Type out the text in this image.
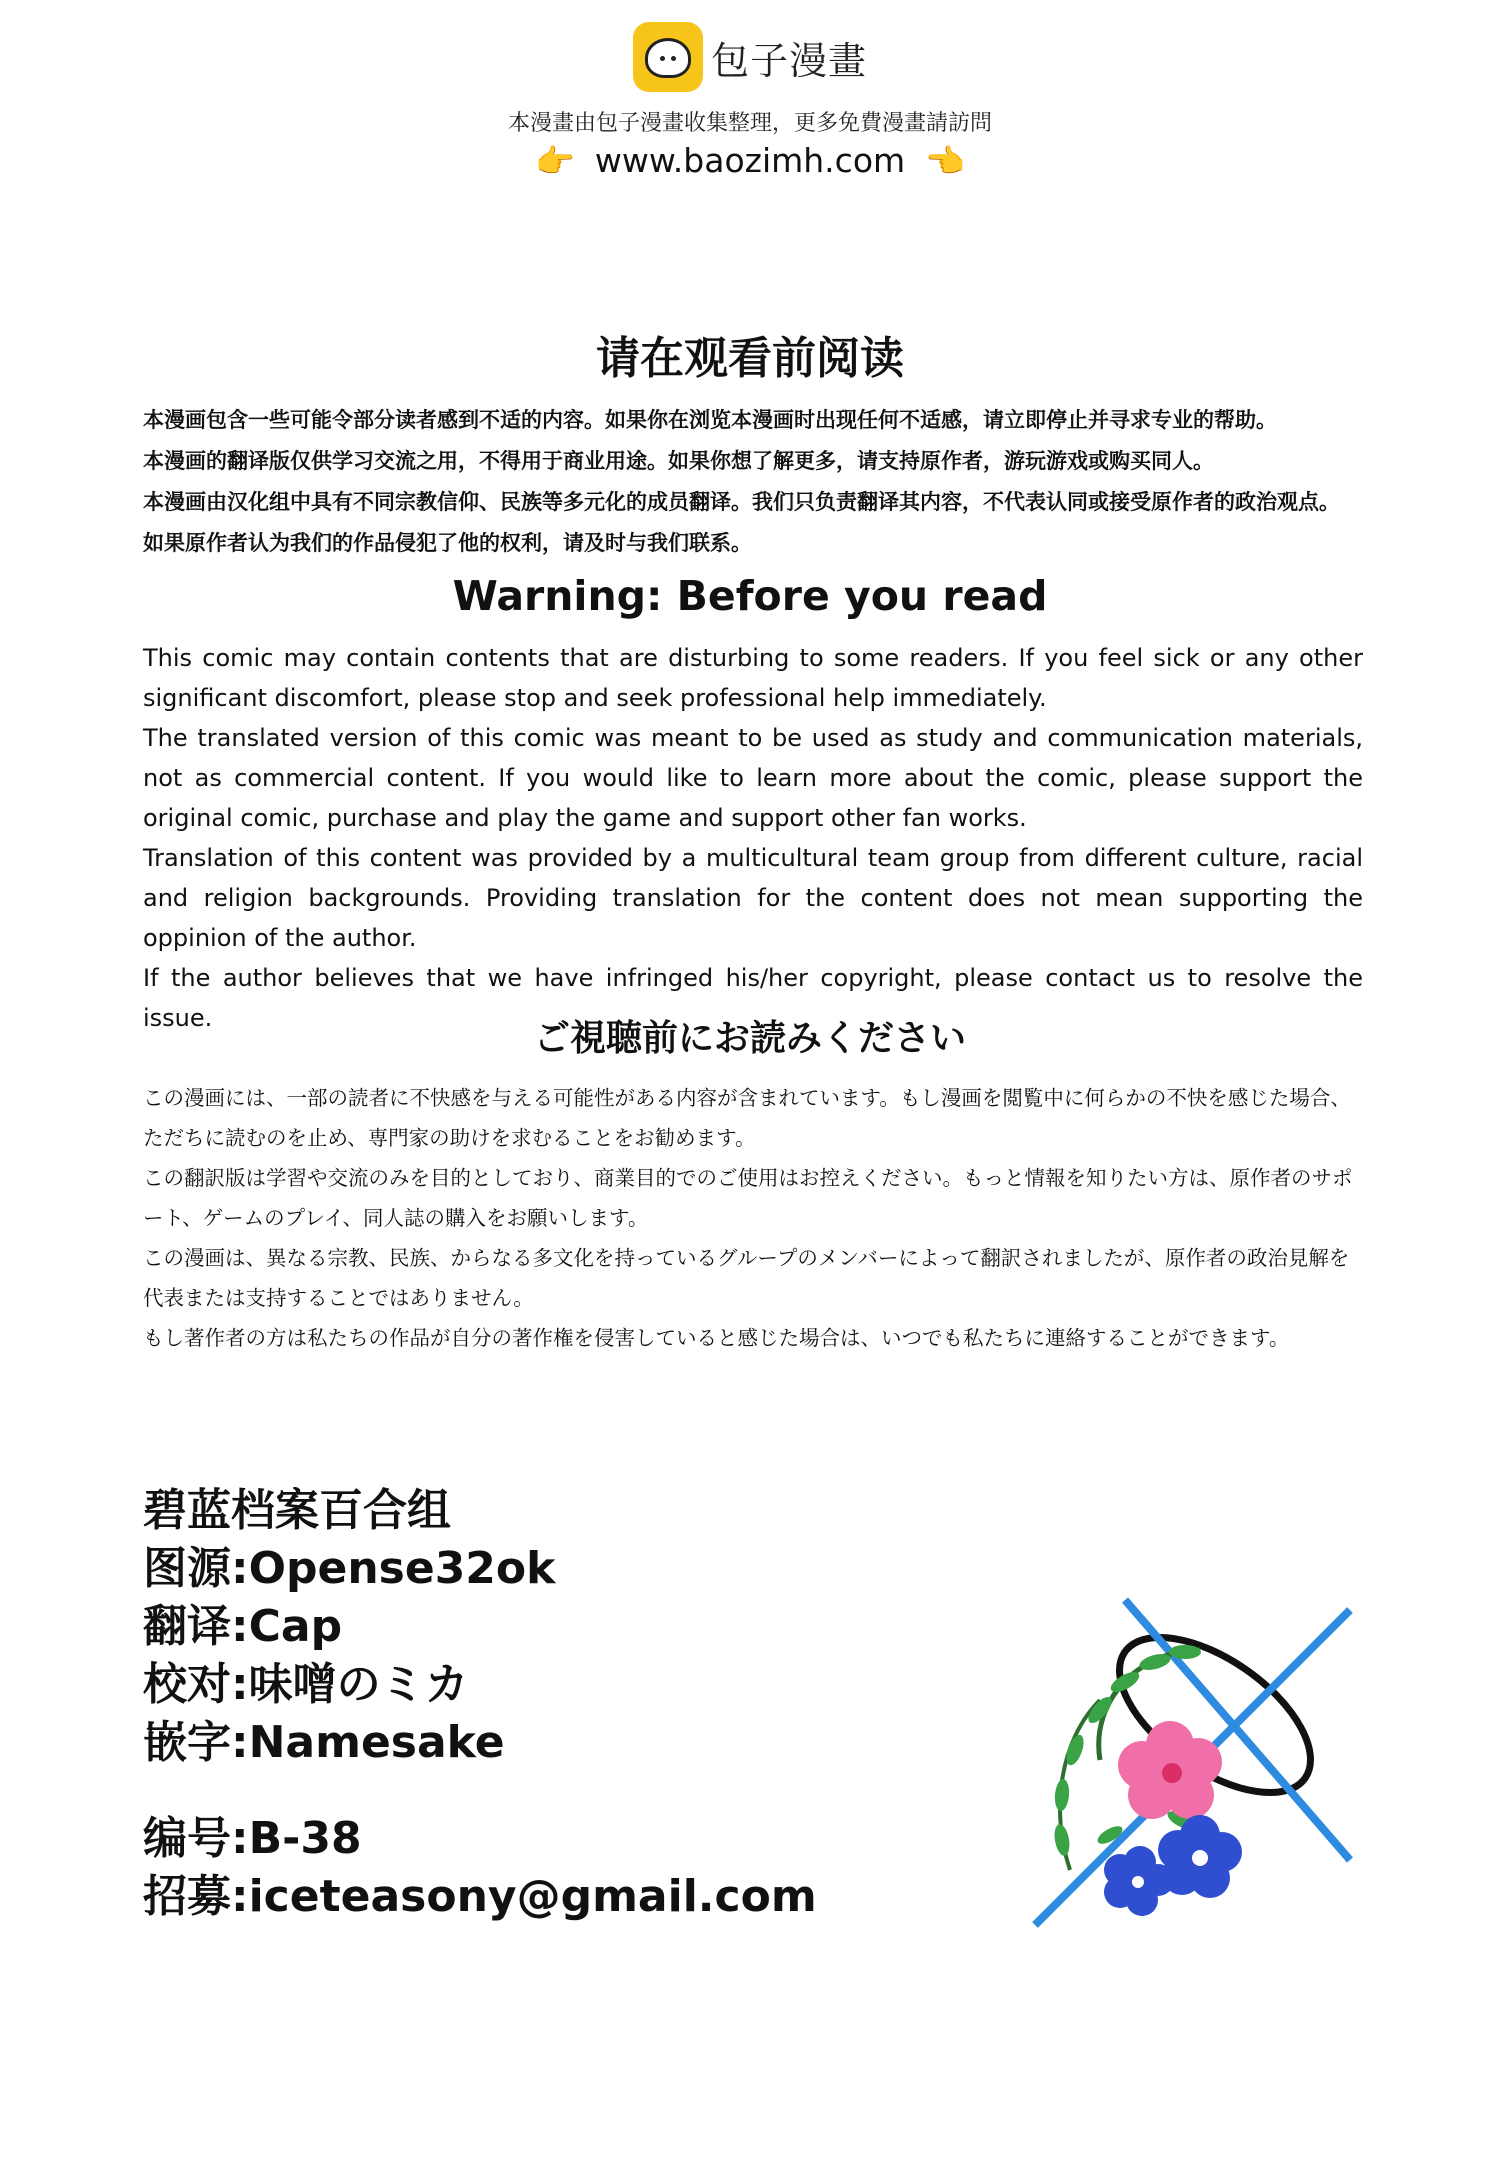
包子漫畫
本漫畫由包子漫畫收集整理，更多免費漫畫請訪問
👉 www.baozimh.com 👈
请在观看前阅读

本漫画包含一些可能令部分读者感到不适的内容。如果你在浏览本漫画时出现任何不适感，请立即停止并寻求专业的帮助。

本漫画的翻译版仅供学习交流之用，不得用于商业用途。如果你想了解更多，请支持原作者，游玩游戏或购买同人。

本漫画由汉化组中具有不同宗教信仰、民族等多元化的成员翻译。我们只负责翻译其内容，不代表认同或接受原作者的政治观点。

如果原作者认为我们的作品侵犯了他的权利，请及时与我们联系。

Warning: Before you read

This comic may contain contents that are disturbing to some readers. If you feel sick or any other significant discomfort, please stop and seek professional help immediately.

The translated version of this comic was meant to be used as study and communication materials, not as commercial content. If you would like to learn more about the comic, please support the original comic, purchase and play the game and support other fan works.

Translation of this content was provided by a multicultural team group from different culture, racial and religion backgrounds. Providing translation for the content does not mean supporting the oppinion of the author.

If the author believes that we have infringed his/her copyright, please contact us to resolve the issue.	ご視聴前にお読みください

この漫画には、一部の読者に不快感を与える可能性がある内容が含まれています。もし漫画を閲覧中に何らかの不快を感じた場合、ただちに読むのを止め、専門家の助けを求むることをお勧めます。

この翻訳版は学習や交流のみを目的としており、商業目的でのご使用はお控えください。もっと情報を知りたい方は、原作者のサポート、ゲームのプレイ、同人誌の購入をお願いします。

この漫画は、異なる宗教、民族、からなる多文化を持っているグループのメンバーによって翻訳されましたが、原作者の政治見解を代表または支持することではありません。

もし著作者の方は私たちの作品が自分の著作権を侵害していると感じた場合は、いつでも私たちに連絡することができます。

碧蓝档案百合组
图源:Opense32ok
翻译:Cap
校对:味噌のミカ
嵌字:Namesake
编号:B-38
招募:iceteasony@gmail.com
